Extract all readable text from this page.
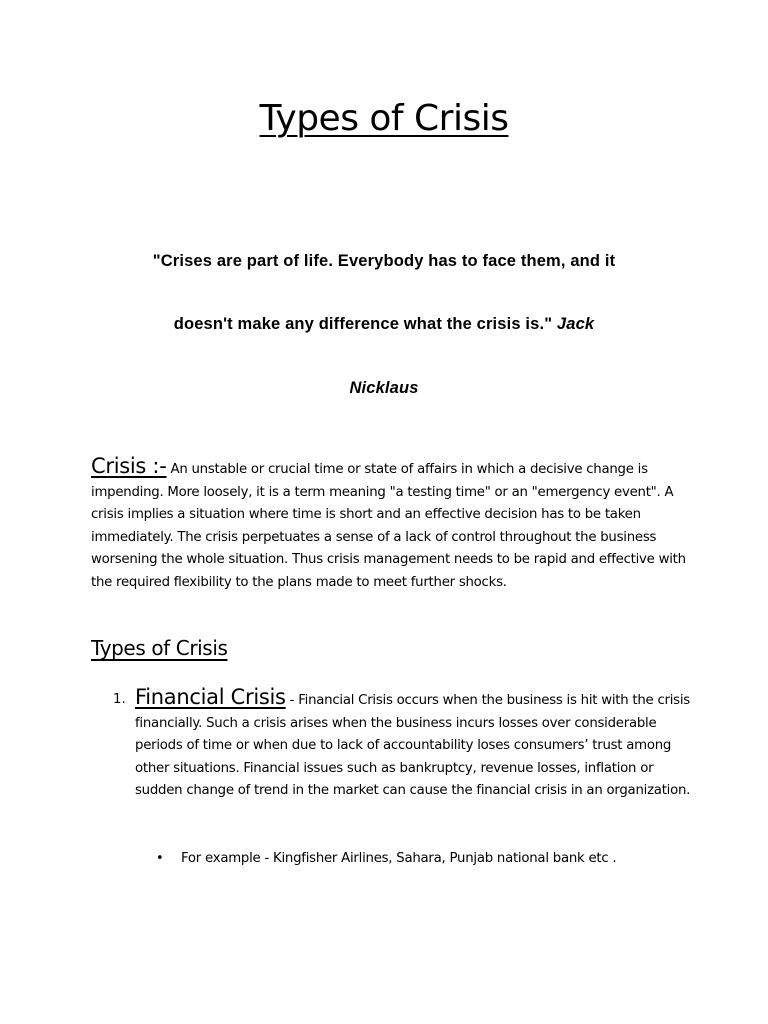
Types of Crisis

"Crises are part of life. Everybody has to face them, and it

doesn't make any difference what the crisis is." Jack

Nicklaus

Crisis :- An unstable or crucial time or state of affairs in which a decisive change is impending. More loosely, it is a term meaning "a testing time" or an "emergency event". A crisis implies a situation where time is short and an effective decision has to be taken immediately. The crisis perpetuates a sense of a lack of control throughout the business worsening the whole situation. Thus crisis management needs to be rapid and effective with the required flexibility to the plans made to meet further shocks.

Types of Crisis
1. Financial Crisis - Financial Crisis occurs when the business is hit with the crisis financially. Such a crisis arises when the business incurs losses over considerable periods of time or when due to lack of accountability loses consumers’ trust among other situations. Financial issues such as bankruptcy, revenue losses, inflation or sudden change of trend in the market can cause the financial crisis in an organization.

• For example - Kingfisher Airlines, Sahara, Punjab national bank etc .
